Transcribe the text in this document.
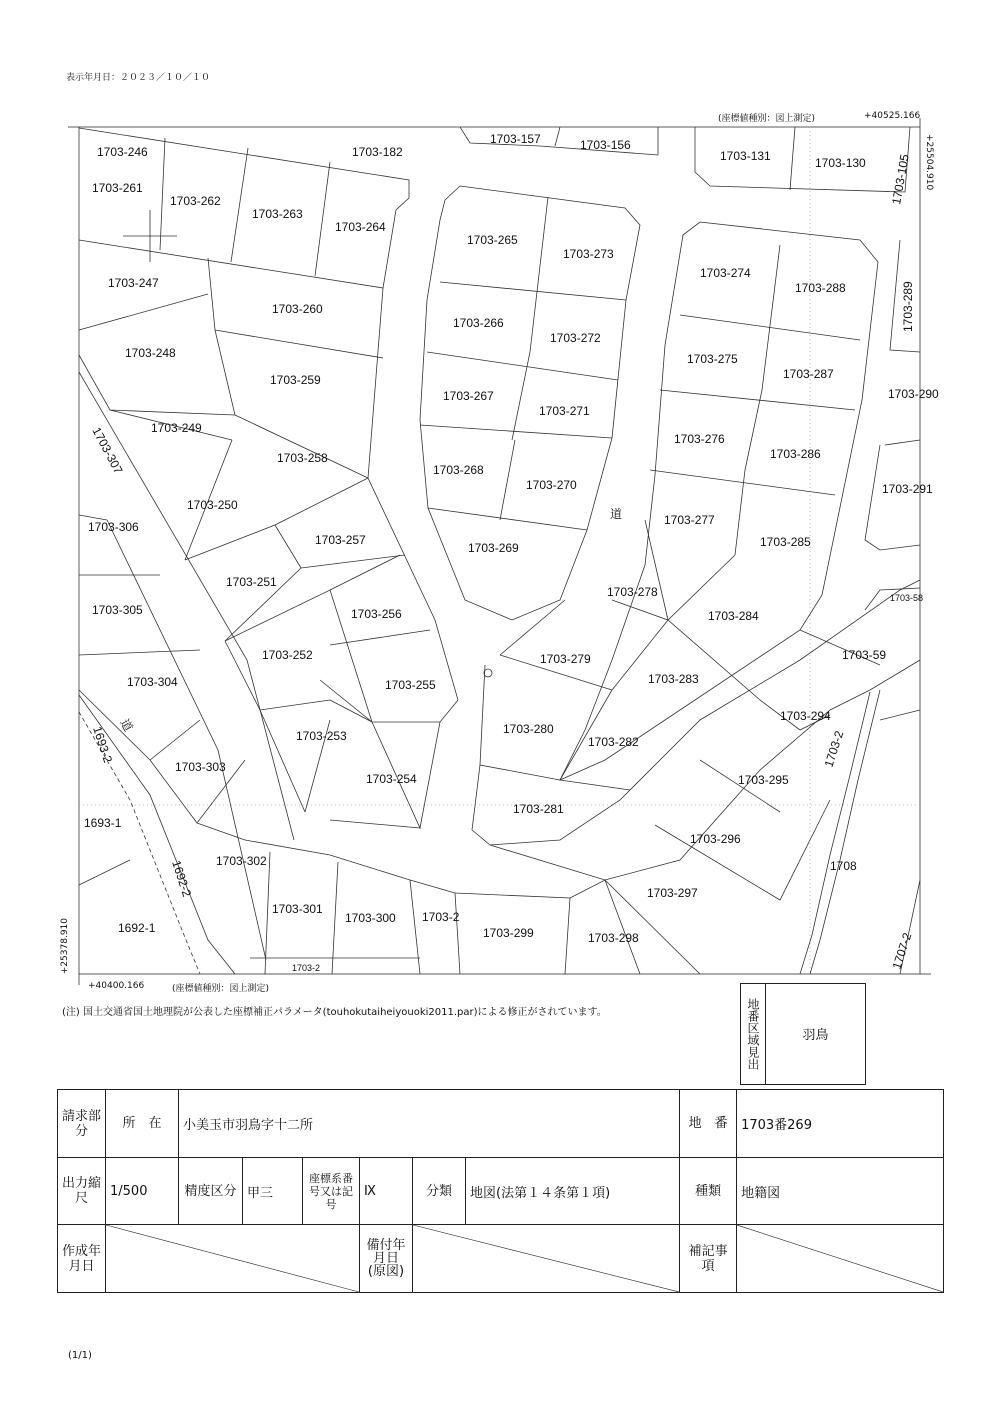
表示年月日：２０２３／１０／１０
(座標値種別：図上測定)	+40525.166
+25504.910
+25378.910
+40400.166	(座標値種別：図上測定)
1703-246
1703-261
1703-262
1703-263
1703-264
1703-182
1703-157	1703-156
1703-131	1703-130 1703-105
1703-247
1703-265
1703-273
1703-274
1703-288	1703-289
1703-260
1703-266
1703-272
1703-248
1703-259
1703-275
1703-287
1703-290
1703-267
1703-271
1703-249
1703-258
1703-276
1703-286
1703-307	1703-268
1703-270
1703-250
1703-291
1703-277
1703-285
1703-306
1703-257
1703-269
1703-251
1703-278
1703-305	1703-256	1703-284
1703-58
1703-59
1703-279
1703-252
1703-304	1703-255	1703-283
1703-294
1693-2	1703-280
1703-253	1703-282
1703-303	1703-2
1703-254	1703-295
1703-281
1693-1
1703-296
1703-302	1708
1692-2	1703-297
1703-301
1703-300 1703-2
1703-299	1703-298
1692-1
1707-2
1703-2
道
道
(注) 国土交通省国土地理院が公表した座標補正パラメータ(touhokutaiheiyouoki2011.par)による修正がされています。	地番区域見出	羽鳥
請求部分	所　在	小美玉市羽鳥字十二所						地　番	1703番269
出力縮尺	1/500	精度区分	甲三	座標系番号又は記号	Ⅸ	分類	地図(法第１４条第１項)	種類	地籍図
作成年月日					備付年月日(原図)			補記事項	
(1/1)
